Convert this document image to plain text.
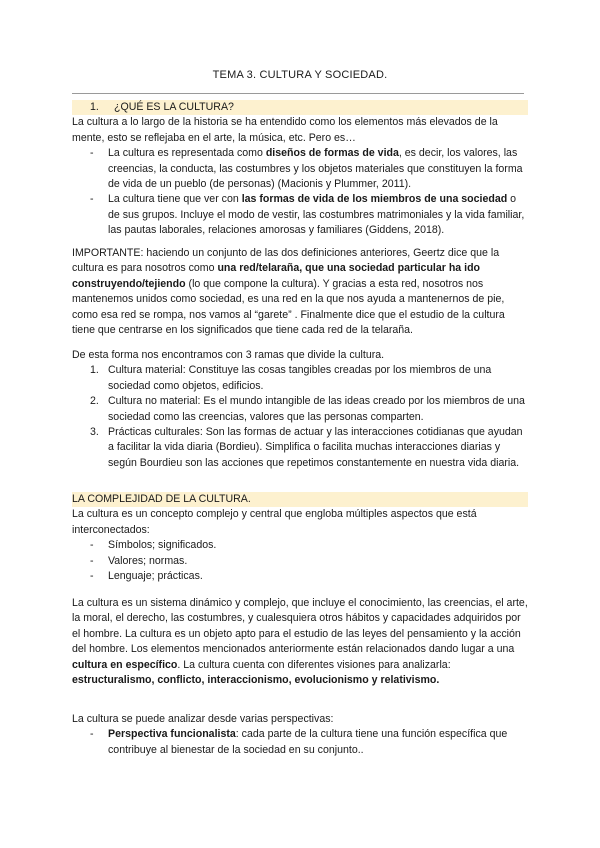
TEMA 3. CULTURA Y SOCIEDAD.

1. ¿QUÉ ES LA CULTURA?

La cultura a lo largo de la historia se ha entendido como los elementos más elevados de la mente, esto se reflejaba en el arte, la música, etc. Pero es…

- La cultura es representada como diseños de formas de vida, es decir, los valores, las creencias, la conducta, las costumbres y los objetos materiales que constituyen la forma de vida de un pueblo (de personas) (Macionis y Plummer, 2011).
- La cultura tiene que ver con las formas de vida de los miembros de una sociedad o de sus grupos. Incluye el modo de vestir, las costumbres matrimoniales y la vida familiar, las pautas laborales, relaciones amorosas y familiares (Giddens, 2018).

IMPORTANTE: haciendo un conjunto de las dos definiciones anteriores, Geertz dice que la cultura es para nosotros como una red/telaraña, que una sociedad particular ha ido construyendo/tejiendo (lo que compone la cultura). Y gracias a esta red, nosotros nos mantenemos unidos como sociedad, es una red en la que nos ayuda a mantenernos de pie, como esa red se rompa, nos vamos al “garete” . Finalmente dice que el estudio de la cultura tiene que centrarse en los significados que tiene cada red de la telaraña.

De esta forma nos encontramos con 3 ramas que divide la cultura.

1. Cultura material: Constituye las cosas tangibles creadas por los miembros de una sociedad como objetos, edificios.
2. Cultura no material: Es el mundo intangible de las ideas creado por los miembros de una sociedad como las creencias, valores que las personas comparten.
3. Prácticas culturales: Son las formas de actuar y las interacciones cotidianas que ayudan a facilitar la vida diaria (Bordieu). Simplifica o facilita muchas interacciones diarias y según Bourdieu son las acciones que repetimos constantemente en nuestra vida diaria.

LA COMPLEJIDAD DE LA CULTURA.

La cultura es un concepto complejo y central que engloba múltiples aspectos que está interconectados:

- Símbolos; significados.
- Valores; normas.
- Lenguaje; prácticas.

La cultura es un sistema dinámico y complejo, que incluye el conocimiento, las creencias, el arte, la moral, el derecho, las costumbres, y cualesquiera otros hábitos y capacidades adquiridos por el hombre. La cultura es un objeto apto para el estudio de las leyes del pensamiento y la acción del hombre. Los elementos mencionados anteriormente están relacionados dando lugar a una cultura en específico. La cultura cuenta con diferentes visiones para analizarla: estructuralismo, conflicto, interaccionismo, evolucionismo y relativismo.

La cultura se puede analizar desde varias perspectivas:

- Perspectiva funcionalista: cada parte de la cultura tiene una función específica que contribuye al bienestar de la sociedad en su conjunto..
